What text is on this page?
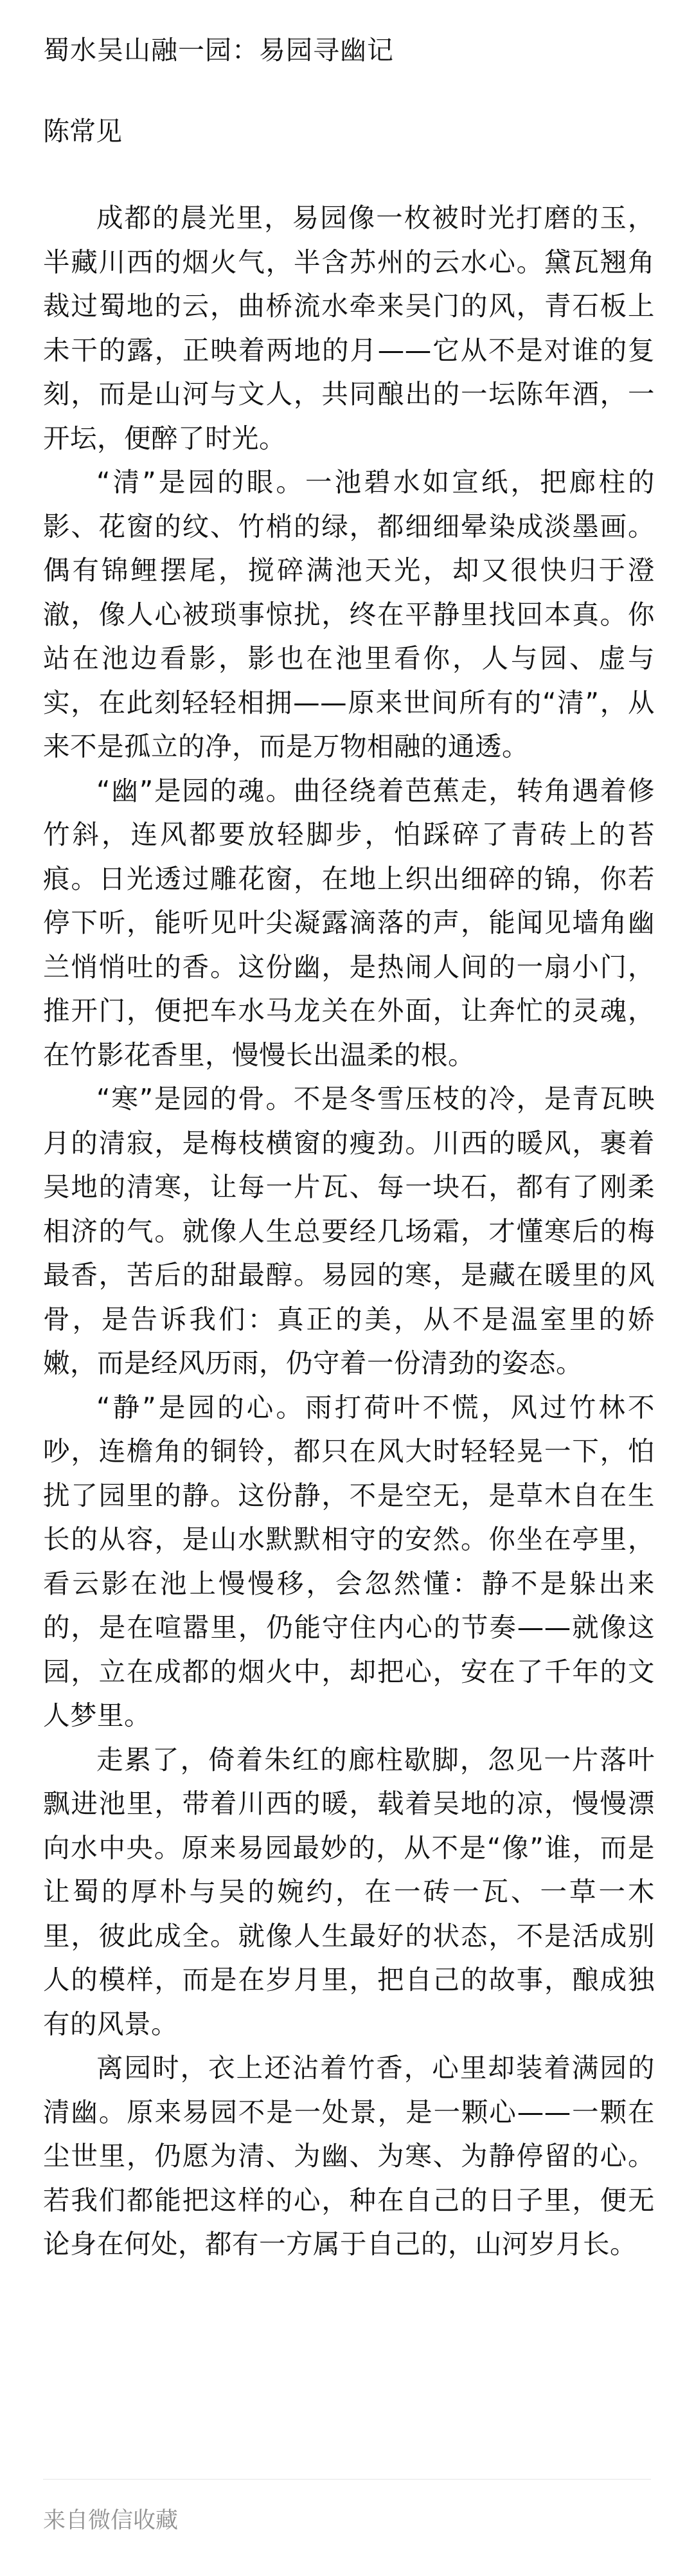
蜀水吴山融一园：易园寻幽记
陈常见

成都的晨光里，易园像一枚被时光打磨的玉，半藏川西的烟火气，半含苏州的云水心。黛瓦翘角裁过蜀地的云，曲桥流水牵来吴门的风，青石板上未干的露，正映着两地的月——它从不是对谁的复刻，而是山河与文人，共同酿出的一坛陈年酒，一开坛，便醉了时光。

“清”是园的眼。一池碧水如宣纸，把廊柱的影、花窗的纹、竹梢的绿，都细细晕染成淡墨画。偶有锦鲤摆尾，搅碎满池天光，却又很快归于澄澈，像人心被琐事惊扰，终在平静里找回本真。你站在池边看影，影也在池里看你，人与园、虚与实，在此刻轻轻相拥——原来世间所有的“清”，从来不是孤立的净，而是万物相融的通透。

“幽”是园的魂。曲径绕着芭蕉走，转角遇着修竹斜，连风都要放轻脚步，怕踩碎了青砖上的苔痕。日光透过雕花窗，在地上织出细碎的锦，你若停下听，能听见叶尖凝露滴落的声，能闻见墙角幽兰悄悄吐的香。这份幽，是热闹人间的一扇小门，推开门，便把车水马龙关在外面，让奔忙的灵魂，在竹影花香里，慢慢长出温柔的根。

“寒”是园的骨。不是冬雪压枝的冷，是青瓦映月的清寂，是梅枝横窗的瘦劲。川西的暖风，裹着吴地的清寒，让每一片瓦、每一块石，都有了刚柔相济的气。就像人生总要经几场霜，才懂寒后的梅最香，苦后的甜最醇。易园的寒，是藏在暖里的风骨，是告诉我们：真正的美，从不是温室里的娇嫩，而是经风历雨，仍守着一份清劲的姿态。

“静”是园的心。雨打荷叶不慌，风过竹林不吵，连檐角的铜铃，都只在风大时轻轻晃一下，怕扰了园里的静。这份静，不是空无，是草木自在生长的从容，是山水默默相守的安然。你坐在亭里，看云影在池上慢慢移，会忽然懂：静不是躲出来的，是在喧嚣里，仍能守住内心的节奏——就像这园，立在成都的烟火中，却把心，安在了千年的文人梦里。

走累了，倚着朱红的廊柱歇脚，忽见一片落叶飘进池里，带着川西的暖，载着吴地的凉，慢慢漂向水中央。原来易园最妙的，从不是“像”谁，而是让蜀的厚朴与吴的婉约，在一砖一瓦、一草一木里，彼此成全。就像人生最好的状态，不是活成别人的模样，而是在岁月里，把自己的故事，酿成独有的风景。

离园时，衣上还沾着竹香，心里却装着满园的清幽。原来易园不是一处景，是一颗心——一颗在尘世里，仍愿为清、为幽、为寒、为静停留的心。若我们都能把这样的心，种在自己的日子里，便无论身在何处，都有一方属于自己的，山河岁月长。

来自微信收藏
